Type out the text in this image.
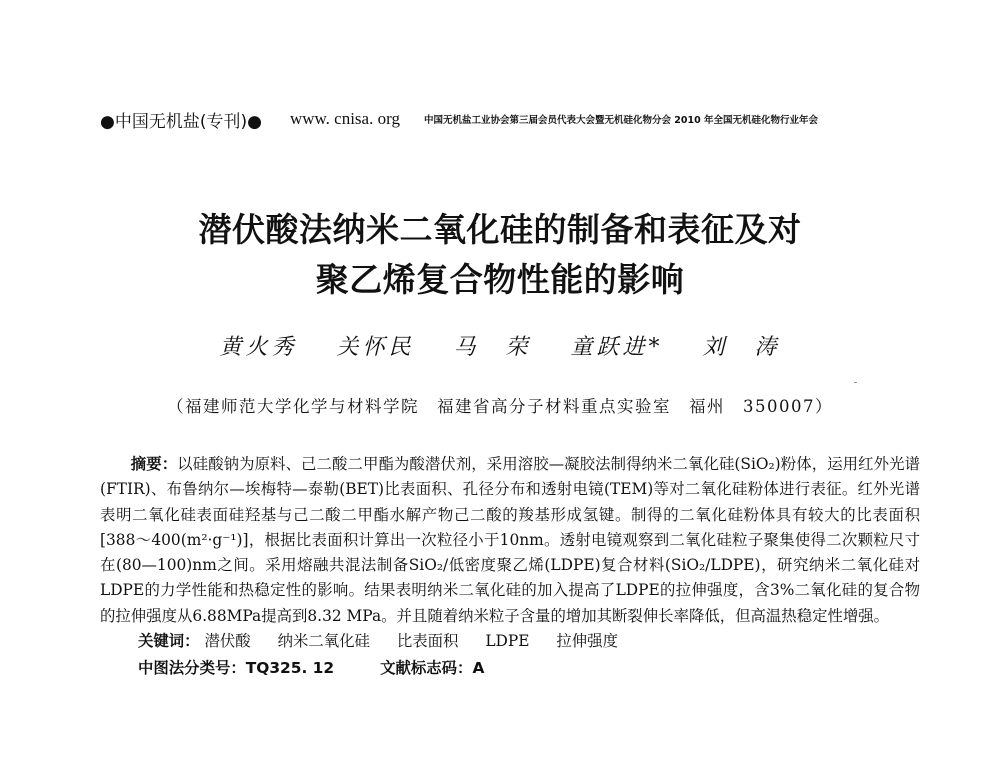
●中国无机盐(专刊)● www. cnisa. org	中国无机盐工业协会第三届会员代表大会暨无机硅化物分会 2010 年全国无机硅化物行业年会
潜伏酸法纳米二氧化硅的制备和表征及对
聚乙烯复合物性能的影响
黄火秀 关怀民 马　荣 童跃进* 刘　涛
（福建师范大学化学与材料学院　福建省高分子材料重点实验室　福州　350007）

摘要：以硅酸钠为原料、己二酸二甲酯为酸潜伏剂，采用溶胶—凝胶法制得纳米二氧化硅(SiO₂)粉体，运用红外光谱(FTIR)、布鲁纳尔—埃梅特—泰勒(BET)比表面积、孔径分布和透射电镜(TEM)等对二氧化硅粉体进行表征。红外光谱表明二氧化硅表面硅羟基与己二酸二甲酯水解产物己二酸的羧基形成氢键。制得的二氧化硅粉体具有较大的比表面积[388～400(m²·g⁻¹)]，根据比表面积计算出一次粒径小于10nm。透射电镜观察到二氧化硅粒子聚集使得二次颗粒尺寸在(80—100)nm之间。采用熔融共混法制备SiO₂/低密度聚乙烯(LDPE)复合材料(SiO₂/LDPE)，研究纳米二氧化硅对LDPE的力学性能和热稳定性的影响。结果表明纳米二氧化硅的加入提高了LDPE的拉伸强度，含3%二氧化硅的复合物的拉伸强度从6.88MPa提高到8.32 MPa。并且随着纳米粒子含量的增加其断裂伸长率降低，但高温热稳定性增强。

关键词： 潜伏酸 纳米二氧化硅 比表面积 LDPE 拉伸强度
中图法分类号：TQ325. 12	文献标志码：A
